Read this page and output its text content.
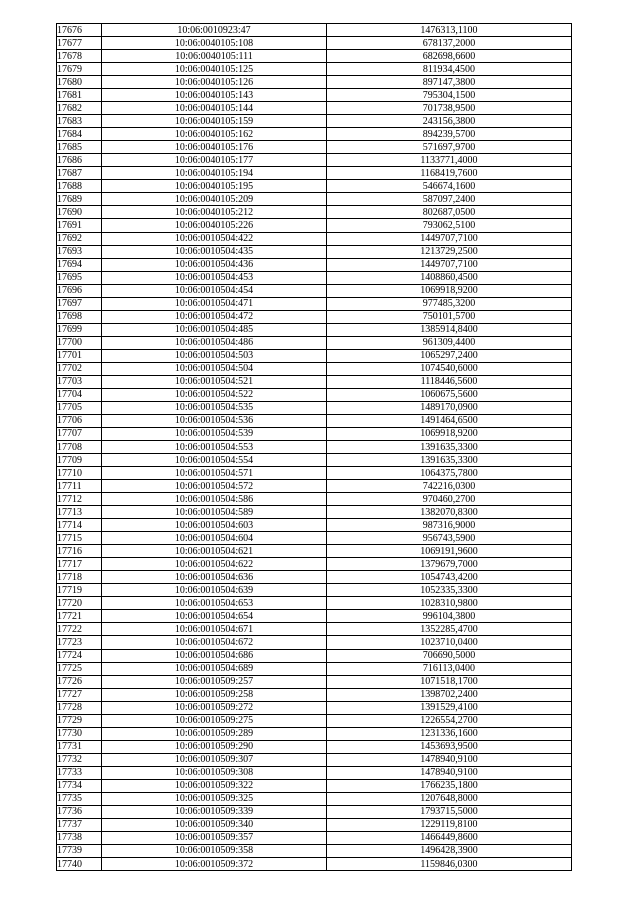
17676	10:06:0010923:47	1476313,1100
17677	10:06:0040105:108	678137,2000
17678	10:06:0040105:111	682698,6600
17679	10:06:0040105:125	811934,4500
17680	10:06:0040105:126	897147,3800
17681	10:06:0040105:143	795304,1500
17682	10:06:0040105:144	701738,9500
17683	10:06:0040105:159	243156,3800
17684	10:06:0040105:162	894239,5700
17685	10:06:0040105:176	571697,9700
17686	10:06:0040105:177	1133771,4000
17687	10:06:0040105:194	1168419,7600
17688	10:06:0040105:195	546674,1600
17689	10:06:0040105:209	587097,2400
17690	10:06:0040105:212	802687,0500
17691	10:06:0040105:226	793062,5100
17692	10:06:0010504:422	1449707,7100
17693	10:06:0010504:435	1213729,2500
17694	10:06:0010504:436	1449707,7100
17695	10:06:0010504:453	1408860,4500
17696	10:06:0010504:454	1069918,9200
17697	10:06:0010504:471	977485,3200
17698	10:06:0010504:472	750101,5700
17699	10:06:0010504:485	1385914,8400
17700	10:06:0010504:486	961309,4400
17701	10:06:0010504:503	1065297,2400
17702	10:06:0010504:504	1074540,6000
17703	10:06:0010504:521	1118446,5600
17704	10:06:0010504:522	1060675,5600
17705	10:06:0010504:535	1489170,0900
17706	10:06:0010504:536	1491464,6500
17707	10:06:0010504:539	1069918,9200
17708	10:06:0010504:553	1391635,3300
17709	10:06:0010504:554	1391635,3300
17710	10:06:0010504:571	1064375,7800
17711	10:06:0010504:572	742216,0300
17712	10:06:0010504:586	970460,2700
17713	10:06:0010504:589	1382070,8300
17714	10:06:0010504:603	987316,9000
17715	10:06:0010504:604	956743,5900
17716	10:06:0010504:621	1069191,9600
17717	10:06:0010504:622	1379679,7000
17718	10:06:0010504:636	1054743,4200
17719	10:06:0010504:639	1052335,3300
17720	10:06:0010504:653	1028310,9800
17721	10:06:0010504:654	996104,3800
17722	10:06:0010504:671	1352285,4700
17723	10:06:0010504:672	1023710,0400
17724	10:06:0010504:686	706690,5000
17725	10:06:0010504:689	716113,0400
17726	10:06:0010509:257	1071518,1700
17727	10:06:0010509:258	1398702,2400
17728	10:06:0010509:272	1391529,4100
17729	10:06:0010509:275	1226554,2700
17730	10:06:0010509:289	1231336,1600
17731	10:06:0010509:290	1453693,9500
17732	10:06:0010509:307	1478940,9100
17733	10:06:0010509:308	1478940,9100
17734	10:06:0010509:322	1766235,1800
17735	10:06:0010509:325	1207648,8000
17736	10:06:0010509:339	1793715,5000
17737	10:06:0010509:340	1229119,8100
17738	10:06:0010509:357	1466449,8600
17739	10:06:0010509:358	1496428,3900
17740	10:06:0010509:372	1159846,0300
